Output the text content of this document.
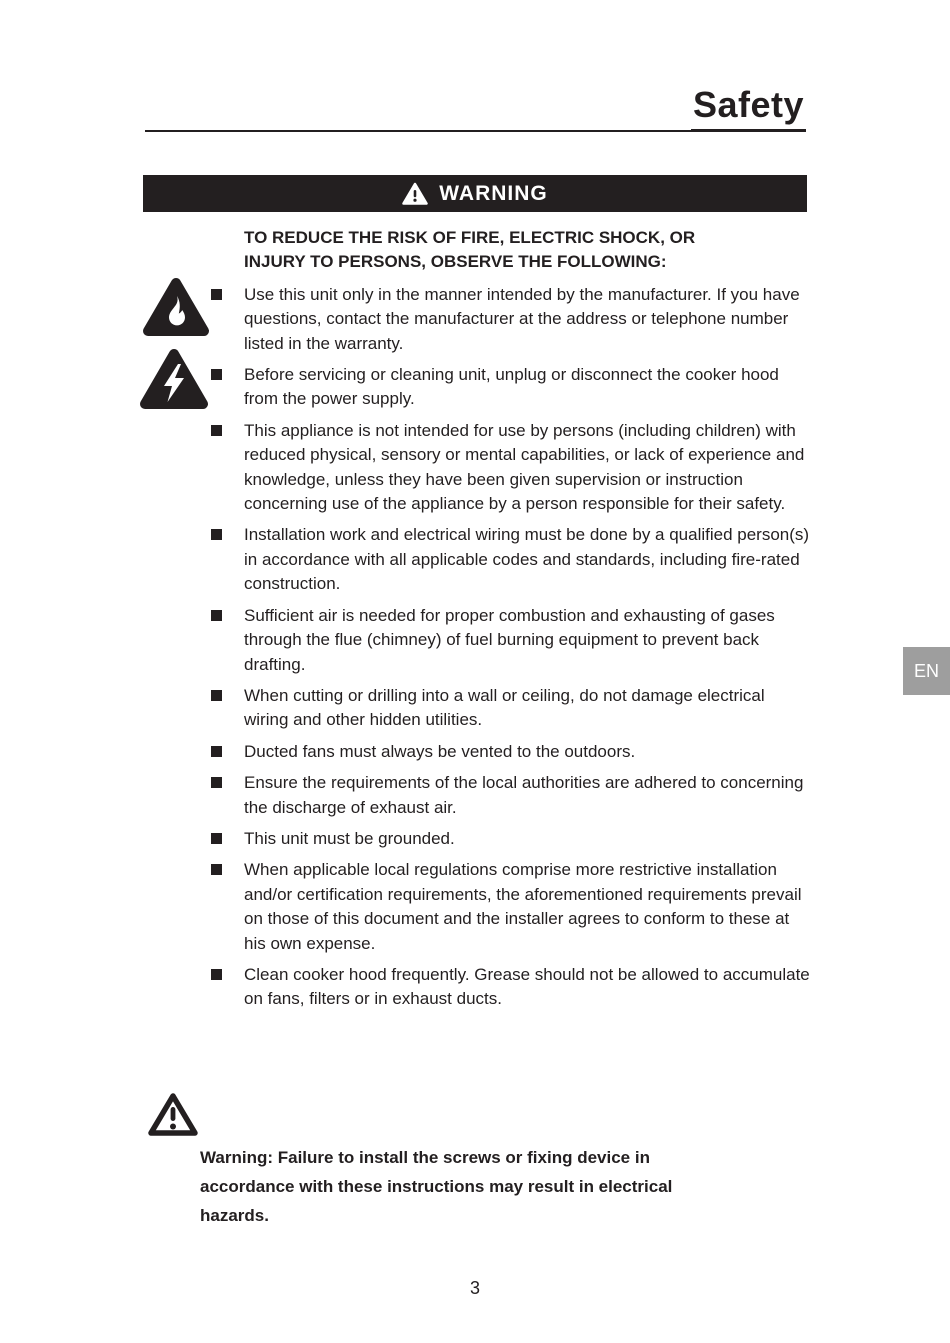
Safety
WARNING

TO REDUCE THE RISK OF FIRE, ELECTRIC SHOCK, OR
INJURY TO PERSONS, OBSERVE THE FOLLOWING:

Use this unit only in the manner intended by the manufacturer. If you have questions, contact the manufacturer at the address or telephone number listed in the warranty.
Before servicing or cleaning unit, unplug or disconnect the cooker hood from the power supply.
This appliance is not intended for use by persons (including children) with reduced physical, sensory or mental capabilities, or lack of experience and knowledge, unless they have been given supervision or instruction concerning use of the appliance by a person responsible for their safety.
Installation work and electrical wiring must be done by a qualified person(s) in accordance with all applicable codes and standards, including fire-rated construction.
Sufficient air is needed for proper combustion and exhausting of gases through the flue (chimney) of fuel burning equipment to prevent back drafting.
When cutting or drilling into a wall or ceiling, do not damage electrical wiring and other hidden utilities.
Ducted fans must always be vented to the outdoors.
Ensure the requirements of the local authorities are adhered to concerning the discharge of exhaust air.
This unit must be grounded.
When applicable local regulations comprise more restrictive installation and/or certification requirements, the aforementioned requirements prevail on those of this document and the installer agrees to conform to these at his own expense.
Clean cooker hood frequently. Grease should not be allowed to accumulate on fans, filters or in exhaust ducts.
EN

Warning: Failure to install the screws or fixing device in
accordance with these instructions may result in electrical
hazards.

3
